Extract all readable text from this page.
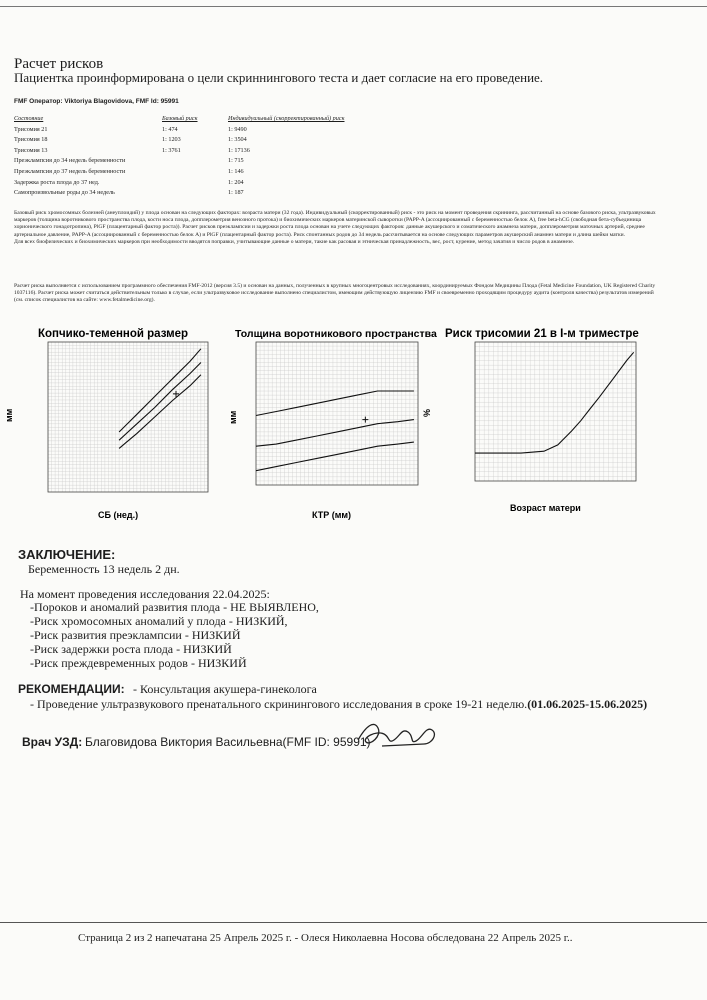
Расчет рисков
Пациентка проинформирована о цели скриннингового теста и дает согласие на его проведение.
FMF Оператор: Viktoriya Blagovidova, FMF Id: 95991
Состояние	Базовый риск	Индивидуальный (скорректированный) риск
Трисомия 21	1: 474	1: 9490
Трисомия 18	1: 1203	1: 3504
Трисомия 13	1: 3761	1: 17136
Преэклампсия до 34 недель беременности		1: 715
Преэклампсия до 37 недель беременности		1: 146
Задержка роста плода до 37 нед.		1: 204
Самопроизвольные роды до 34 недель		1: 187
Базовый риск хромосомных болезней (анеуплоидий) у плода основан на следующих факторах: возраста матери (32 года). Индивидуальный (скорректированный) риск - это риск на момент проведения скрининга, рассчитанный на основе базового риска, ультразвуковых маркеров (толщина воротникового пространства плода, кости носа плода, допплерометрия венозного протока) и биохимических маркеров материнской сыворотки (PAPP-A (ассоциированный с беременностью белок А), free beta-hCG (свободная бета-субъединица хорионического гонадотропина), PlGF (плацентарный фактор роста)). Расчет рисков преэклампсии и задержки роста плода основан на учете следующих факторов: данные акушерского и соматического анамнеза матери, допплерометрия маточных артерий, среднее артериальное давление, PAPP-A (ассоциированный с беременностью белок А) и PlGF (плацентарный фактор роста). Риск спонтанных родов до 34 недель рассчитывается на основе следующих параметров акушерский анамнез матери и длина шейки матки.
Для всех биофизических и биохимических маркеров при необходимости вводятся поправки, учитывающие данные о матери, такие как расовая и этническая принадлежность, вес, рост, курение, метод зачатия и число родов в анамнезе.
Расчет риска выполняется с использованием программного обеспечения FMF-2012 (версия 3.5) и основан на данных, полученных в крупных многоцентровых исследованиях, координируемых Фондом Медицины Плода (Fetal Medicine Foundation, UK Registered Charity 1037116). Расчет риска может считаться действительным только в случае, если ультразвуковое исследование выполнено специалистом, имеющим действующую лицензию FMF и своевременно проходящим процедуру аудита (контроля качества) результатов измерений (см. список специалистов на сайте: www.fetalmedicine.org).
Копчико-теменной размер
мм
СБ (нед.)
Толщина воротникового пространства
мм
КТР (мм)
Риск трисомии 21 в I-м триместре
%
Возраст матери
ЗАКЛЮЧЕНИЕ:
Беременность 13 недель 2 дн.
На момент проведения исследования 22.04.2025:
-Пороков и аномалий развития плода - НЕ ВЫЯВЛЕНО,
-Риск хромосомных аномалий у плода - НИЗКИЙ,
-Риск развития преэклампсии - НИЗКИЙ
-Риск задержки роста плода - НИЗКИЙ
-Риск преждевременных родов - НИЗКИЙ
РЕКОМЕНДАЦИИ: - Консультация акушера-гинеколога
- Проведение ультразвукового пренатального скринингового исследования в сроке 19-21 неделю.(01.06.2025-15.06.2025)
Врач УЗД: Благовидова Виктория Васильевна(FMF ID: 95991)
Страница 2 из 2 напечатана 25 Апрель 2025 г. - Олеся Николаевна Носова обследована 22 Апрель 2025 г..
